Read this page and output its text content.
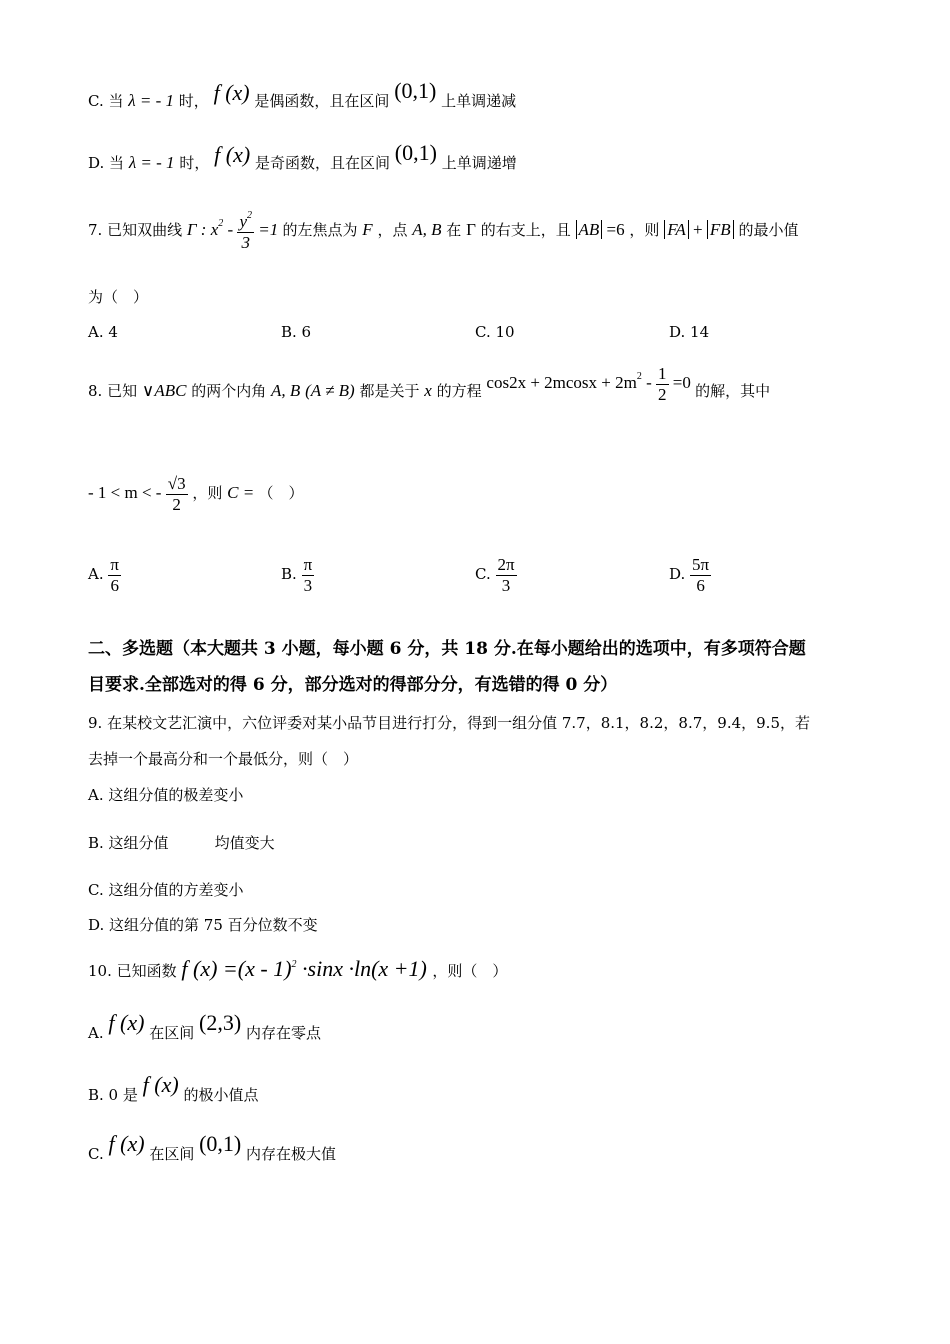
C. 当 λ = - 1 时， f (x) 是偶函数，且在区间 (0,1) 上单调递减
D. 当 λ = - 1 时， f (x) 是奇函数，且在区间 (0,1) 上单调递增
7. 已知双曲线 Γ : $x^2 - \frac{y^2}{3} =1$ 的左焦点为 F ，点 A, B 在 Γ 的右支上，且 AB =6 ，则 FA + FB 的最小值
为（　）
A. 4	B. 6	C. 10	D. 14
8. 已知 ∨ABC 的两个内角 A, B (A ≠ B) 都是关于 x 的方程 $\cos 2x + 2mcosx + 2m^2 - \frac{1}{2} =0$ 的解，其中
- 1 < m < - $\frac{√3}{2}$ ，则 C = （　）
A. $\frac{\pi}{6}$	B. $\frac{\pi}{3}$	C. $\frac{2\pi}{3}$	D. $\frac{5\pi}{6}$
二、多选题（本大题共 3 小题，每小题 6 分，共 18 分.在每小题给出的选项中，有多项符合题
目要求.全部选对的得 6 分，部分选对的得部分分，有选错的得 0 分）
9. 在某校文艺汇演中，六位评委对某小品节目进行打分，得到一组分值 7.7，8.1，8.2，8.7，9.4，9.5，若
去掉一个最高分和一个最低分，则（　）
A. 这组分值的极差变小
B. 这组分值	均值变大
C. 这组分值的方差变小
D. 这组分值的第 75 百分位数不变
10. 已知函数 f (x) =(x - 1)$^2$ ·sinx ·ln(x +1) ，则（　）
A. f (x) 在区间 (2,3) 内存在零点
B. 0 是 f (x) 的极小值点
C. f (x) 在区间 (0,1) 内存在极大值
